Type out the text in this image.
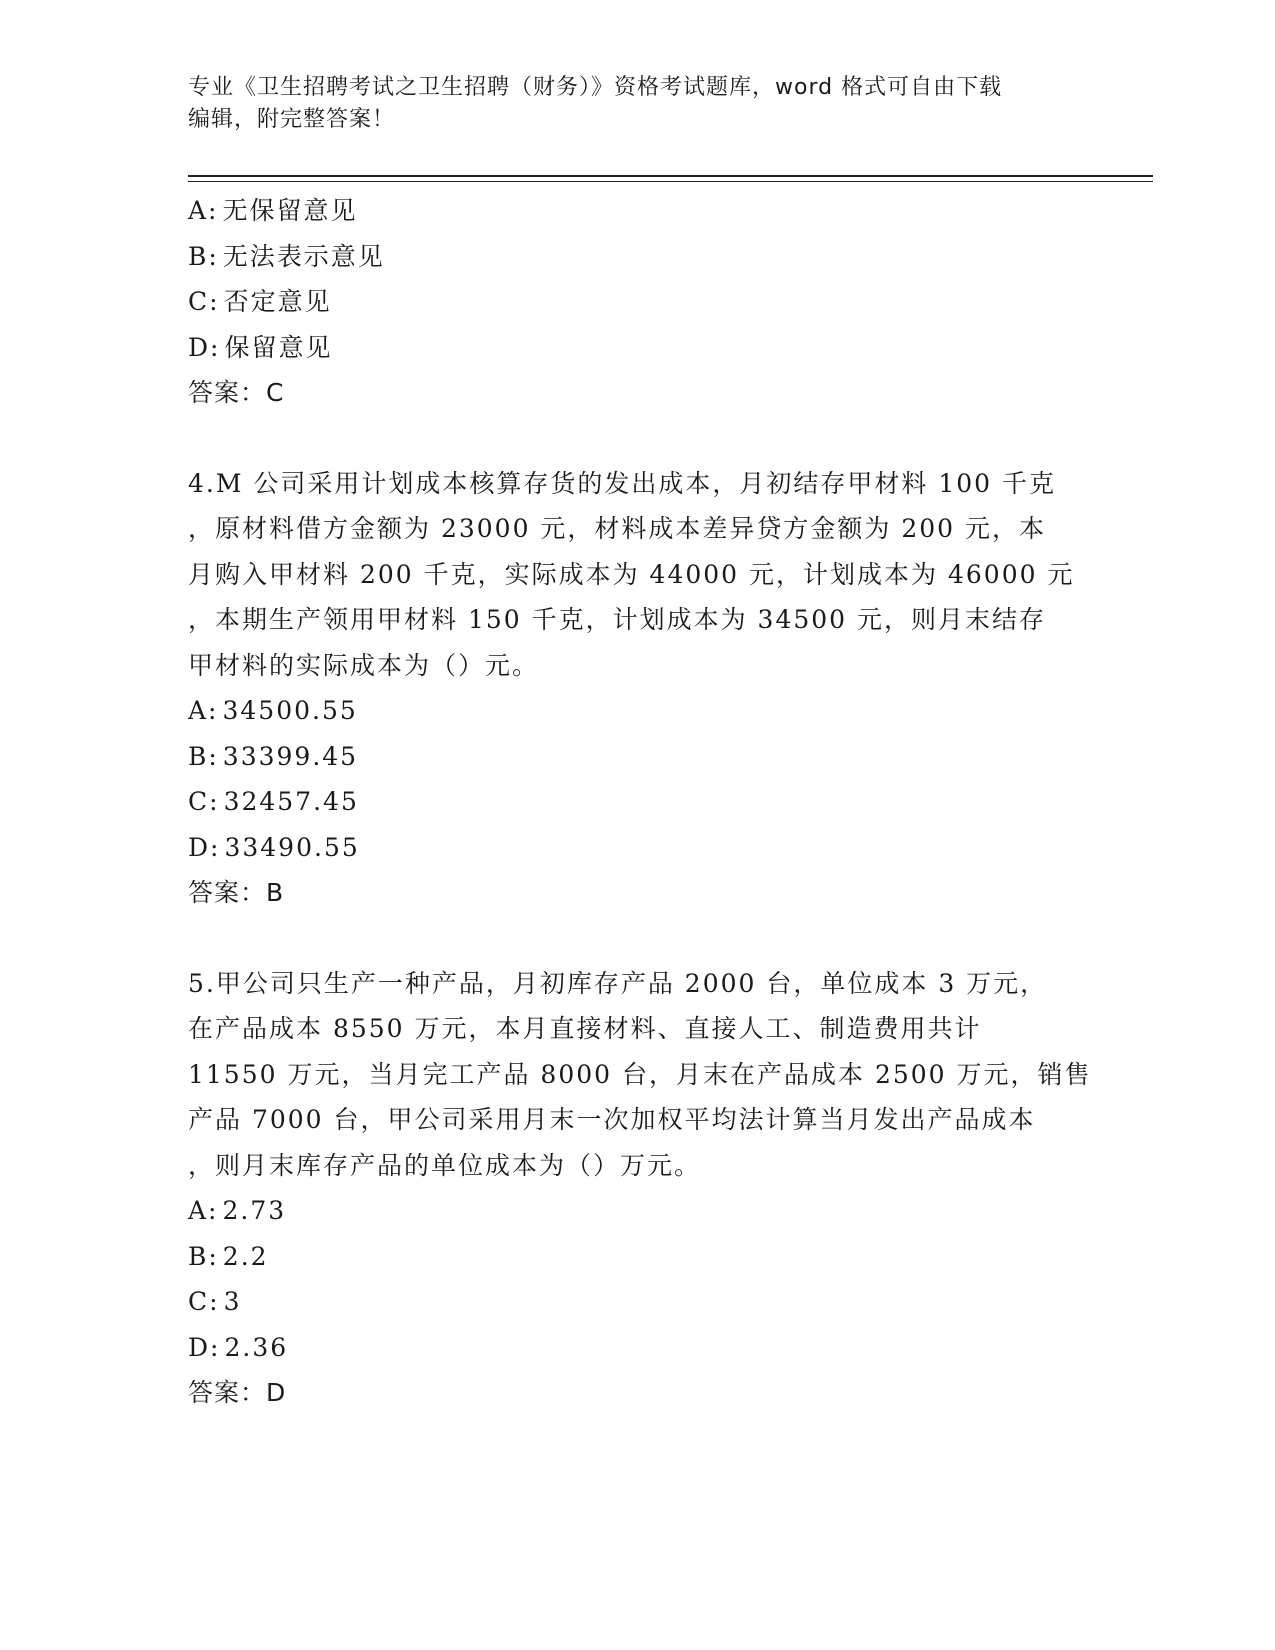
专业《卫生招聘考试之卫生招聘（财务）》资格考试题库，word 格式可自由下载
编辑，附完整答案！
A: 无保留意见
B: 无法表示意见
C: 否定意见
D: 保留意见
答案：C
4.M 公司采用计划成本核算存货的发出成本，月初结存甲材料 100 千克
，原材料借方金额为 23000 元，材料成本差异贷方金额为 200 元，本
月购入甲材料 200 千克，实际成本为 44000 元，计划成本为 46000 元
，本期生产领用甲材料 150 千克，计划成本为 34500 元，则月末结存
甲材料的实际成本为（）元。
A: 34500.55
B: 33399.45
C: 32457.45
D: 33490.55
答案：B
5.甲公司只生产一种产品，月初库存产品 2000 台，单位成本 3 万元，
在产品成本 8550 万元，本月直接材料、直接人工、制造费用共计
11550 万元，当月完工产品 8000 台，月末在产品成本 2500 万元，销售
产品 7000 台，甲公司采用月末一次加权平均法计算当月发出产品成本
，则月末库存产品的单位成本为（）万元。
A: 2.73
B: 2.2
C: 3
D: 2.36
答案：D
